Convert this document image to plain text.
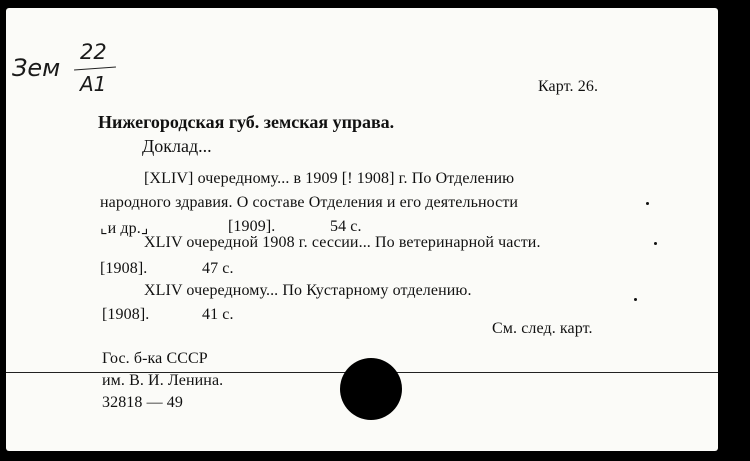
Зем
22
А1	Карт. 26.
Нижегородская губ. земская управа.
Доклад...
[XLIV] очередному... в 1909 [! 1908] г. По Отделению
народного здравия. О составе Отделения и его деятельности
⌞и др.⌟	[1909].	54 с.
XLIV очередной 1908 г. сессии... По ветеринарной части.
[1908].	47 с.
XLIV очередному... По Кустарному отделению.
[1908].	41 с.
См. след. карт.
Гос. б-ка СССР
им. В. И. Ленина.
32818 — 49
